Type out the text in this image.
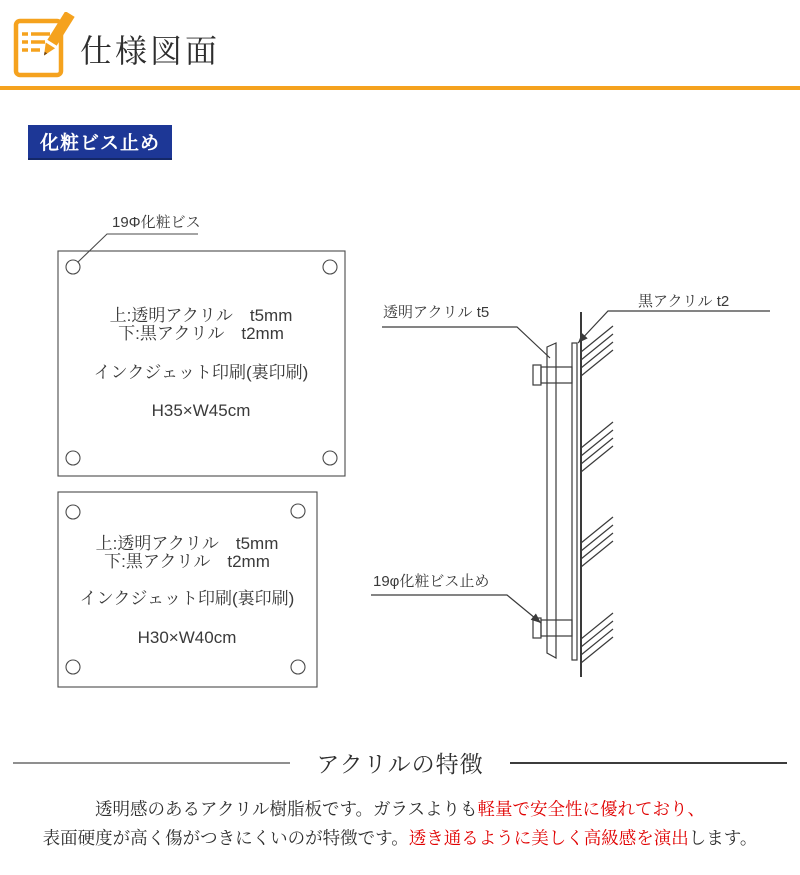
仕様図面
化粧ビス止め
上:透明アクリル　t5mm
下:黒アクリル　t2mm
インクジェット印刷(裏印刷)
H35×W45cm
19Φ化粧ビス
上:透明アクリル　t5mm
下:黒アクリル　t2mm
インクジェット印刷(裏印刷)
H30×W40cm
透明アクリル t5
黒アクリル t2
19φ化粧ビス止め
アクリルの特徴
透明感のあるアクリル樹脂板です。ガラスよりも軽量で安全性に優れており、
表面硬度が高く傷がつきにくいのが特徴です。透き通るように美しく高級感を演出します。
